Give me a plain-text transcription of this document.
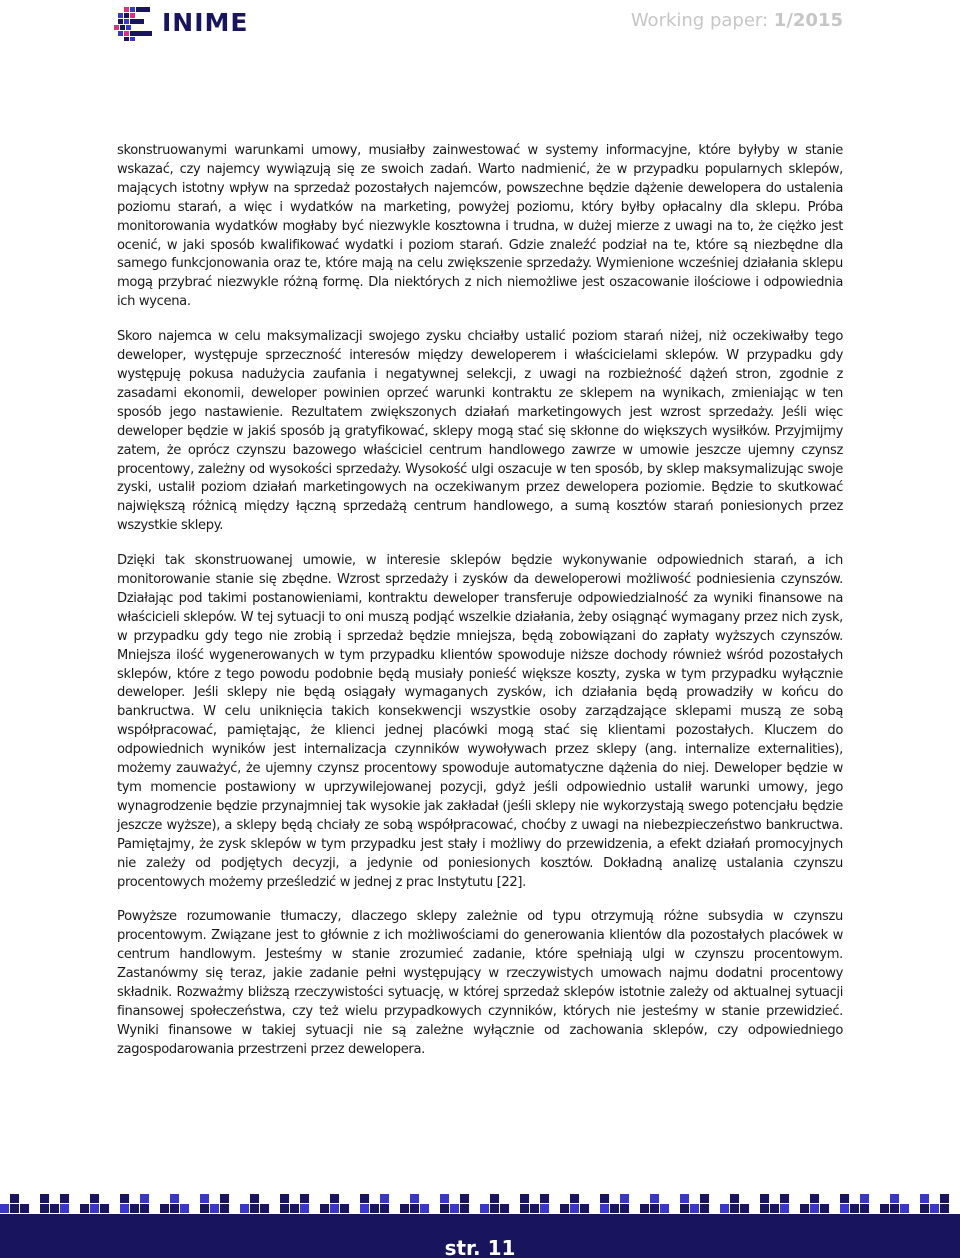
INIME	Working paper: 1/2015

skonstruowanymi warunkami umowy, musiałby zainwestować w systemy informacyjne, które byłyby w stanie wskazać, czy najemcy wywiązują się ze swoich zadań. Warto nadmienić, że w przypadku popularnych sklepów, mających istotny wpływ na sprzedaż pozostałych najemców, powszechne będzie dążenie dewelopera do ustalenia poziomu starań, a więc i wydatków na marketing, powyżej poziomu, który byłby opłacalny dla sklepu. Próba monitorowania wydatków mogłaby być niezwykle kosztowna i trudna, w dużej mierze z uwagi na to, że ciężko jest ocenić, w jaki sposób kwalifikować wydatki i poziom starań. Gdzie znaleźć podział na te, które są niezbędne dla samego funkcjonowania oraz te, które mają na celu zwiększenie sprzedaży. Wymienione wcześniej działania sklepu mogą przybrać niezwykle różną formę. Dla niektórych z nich niemożliwe jest oszacowanie ilościowe i odpowiednia ich wycena.

Skoro najemca w celu maksymalizacji swojego zysku chciałby ustalić poziom starań niżej, niż oczekiwałby tego deweloper, występuje sprzeczność interesów między deweloperem i właścicielami sklepów. W przypadku gdy występuję pokusa nadużycia zaufania i negatywnej selekcji, z uwagi na rozbieżność dążeń stron, zgodnie z zasadami ekonomii, deweloper powinien oprzeć warunki kontraktu ze sklepem na wynikach, zmieniając w ten sposób jego nastawienie. Rezultatem zwiększonych działań marketingowych jest wzrost sprzedaży. Jeśli więc deweloper będzie w jakiś sposób ją gratyfikować, sklepy mogą stać się skłonne do większych wysiłków. Przyjmijmy zatem, że oprócz czynszu bazowego właściciel centrum handlowego zawrze w umowie jeszcze ujemny czynsz procentowy, zależny od wysokości sprzedaży. Wysokość ulgi oszacuje w ten sposób, by sklep maksymalizując swoje zyski, ustalił poziom działań marketingowych na oczekiwanym przez dewelopera poziomie. Będzie to skutkować największą różnicą między łączną sprzedażą centrum handlowego, a sumą kosztów starań poniesionych przez wszystkie sklepy.

Dzięki tak skonstruowanej umowie, w interesie sklepów będzie wykonywanie odpowiednich starań, a ich monitorowanie stanie się zbędne. Wzrost sprzedaży i zysków da deweloperowi możliwość podniesienia czynszów. Działając pod takimi postanowieniami, kontraktu deweloper transferuje odpowiedzialność za wyniki finansowe na właścicieli sklepów. W tej sytuacji to oni muszą podjąć wszelkie działania, żeby osiągnąć wymagany przez nich zysk, w przypadku gdy tego nie zrobią i sprzedaż będzie mniejsza, będą zobowiązani do zapłaty wyższych czynszów. Mniejsza ilość wygenerowanych w tym przypadku klientów spowoduje niższe dochody również wśród pozostałych sklepów, które z tego powodu podobnie będą musiały ponieść większe koszty, zyska w tym przypadku wyłącznie deweloper. Jeśli sklepy nie będą osiągały wymaganych zysków, ich działania będą prowadziły w końcu do bankructwa. W celu uniknięcia takich konsekwencji wszystkie osoby zarządzające sklepami muszą ze sobą współpracować, pamiętając, że klienci jednej placówki mogą stać się klientami pozostałych. Kluczem do odpowiednich wyników jest internalizacja czynników wywoływach przez sklepy (ang. internalize externalities), możemy zauważyć, że ujemny czynsz procentowy spowoduje automatyczne dążenia do niej. Deweloper będzie w tym momencie postawiony w uprzywilejowanej pozycji, gdyż jeśli odpowiednio ustalił warunki umowy, jego wynagrodzenie będzie przynajmniej tak wysokie jak zakładał (jeśli sklepy nie wykorzystają swego potencjału będzie jeszcze wyższe), a sklepy będą chciały ze sobą współpracować, choćby z uwagi na niebezpieczeństwo bankructwa. Pamiętajmy, że zysk sklepów w tym przypadku jest stały i możliwy do przewidzenia, a efekt działań promocyjnych nie zależy od podjętych decyzji, a jedynie od poniesionych kosztów. Dokładną analizę ustalania czynszu procentowych możemy prześledzić w jednej z prac Instytutu [22].

Powyższe rozumowanie tłumaczy, dlaczego sklepy zależnie od typu otrzymują różne subsydia w czynszu procentowym. Związane jest to głównie z ich możliwościami do generowania klientów dla pozostałych placówek w centrum handlowym. Jesteśmy w stanie zrozumieć zadanie, które spełniają ulgi w czynszu procentowym. Zastanówmy się teraz, jakie zadanie pełni występujący w rzeczywistych umowach najmu dodatni procentowy składnik. Rozważmy bliższą rzeczywistości sytuację, w której sprzedaż sklepów istotnie zależy od aktualnej sytuacji finansowej społeczeństwa, czy też wielu przypadkowych czynników, których nie jesteśmy w stanie przewidzieć. Wyniki finansowe w takiej sytuacji nie są zależne wyłącznie od zachowania sklepów, czy odpowiedniego zagospodarowania przestrzeni przez dewelopera.

str. 11
